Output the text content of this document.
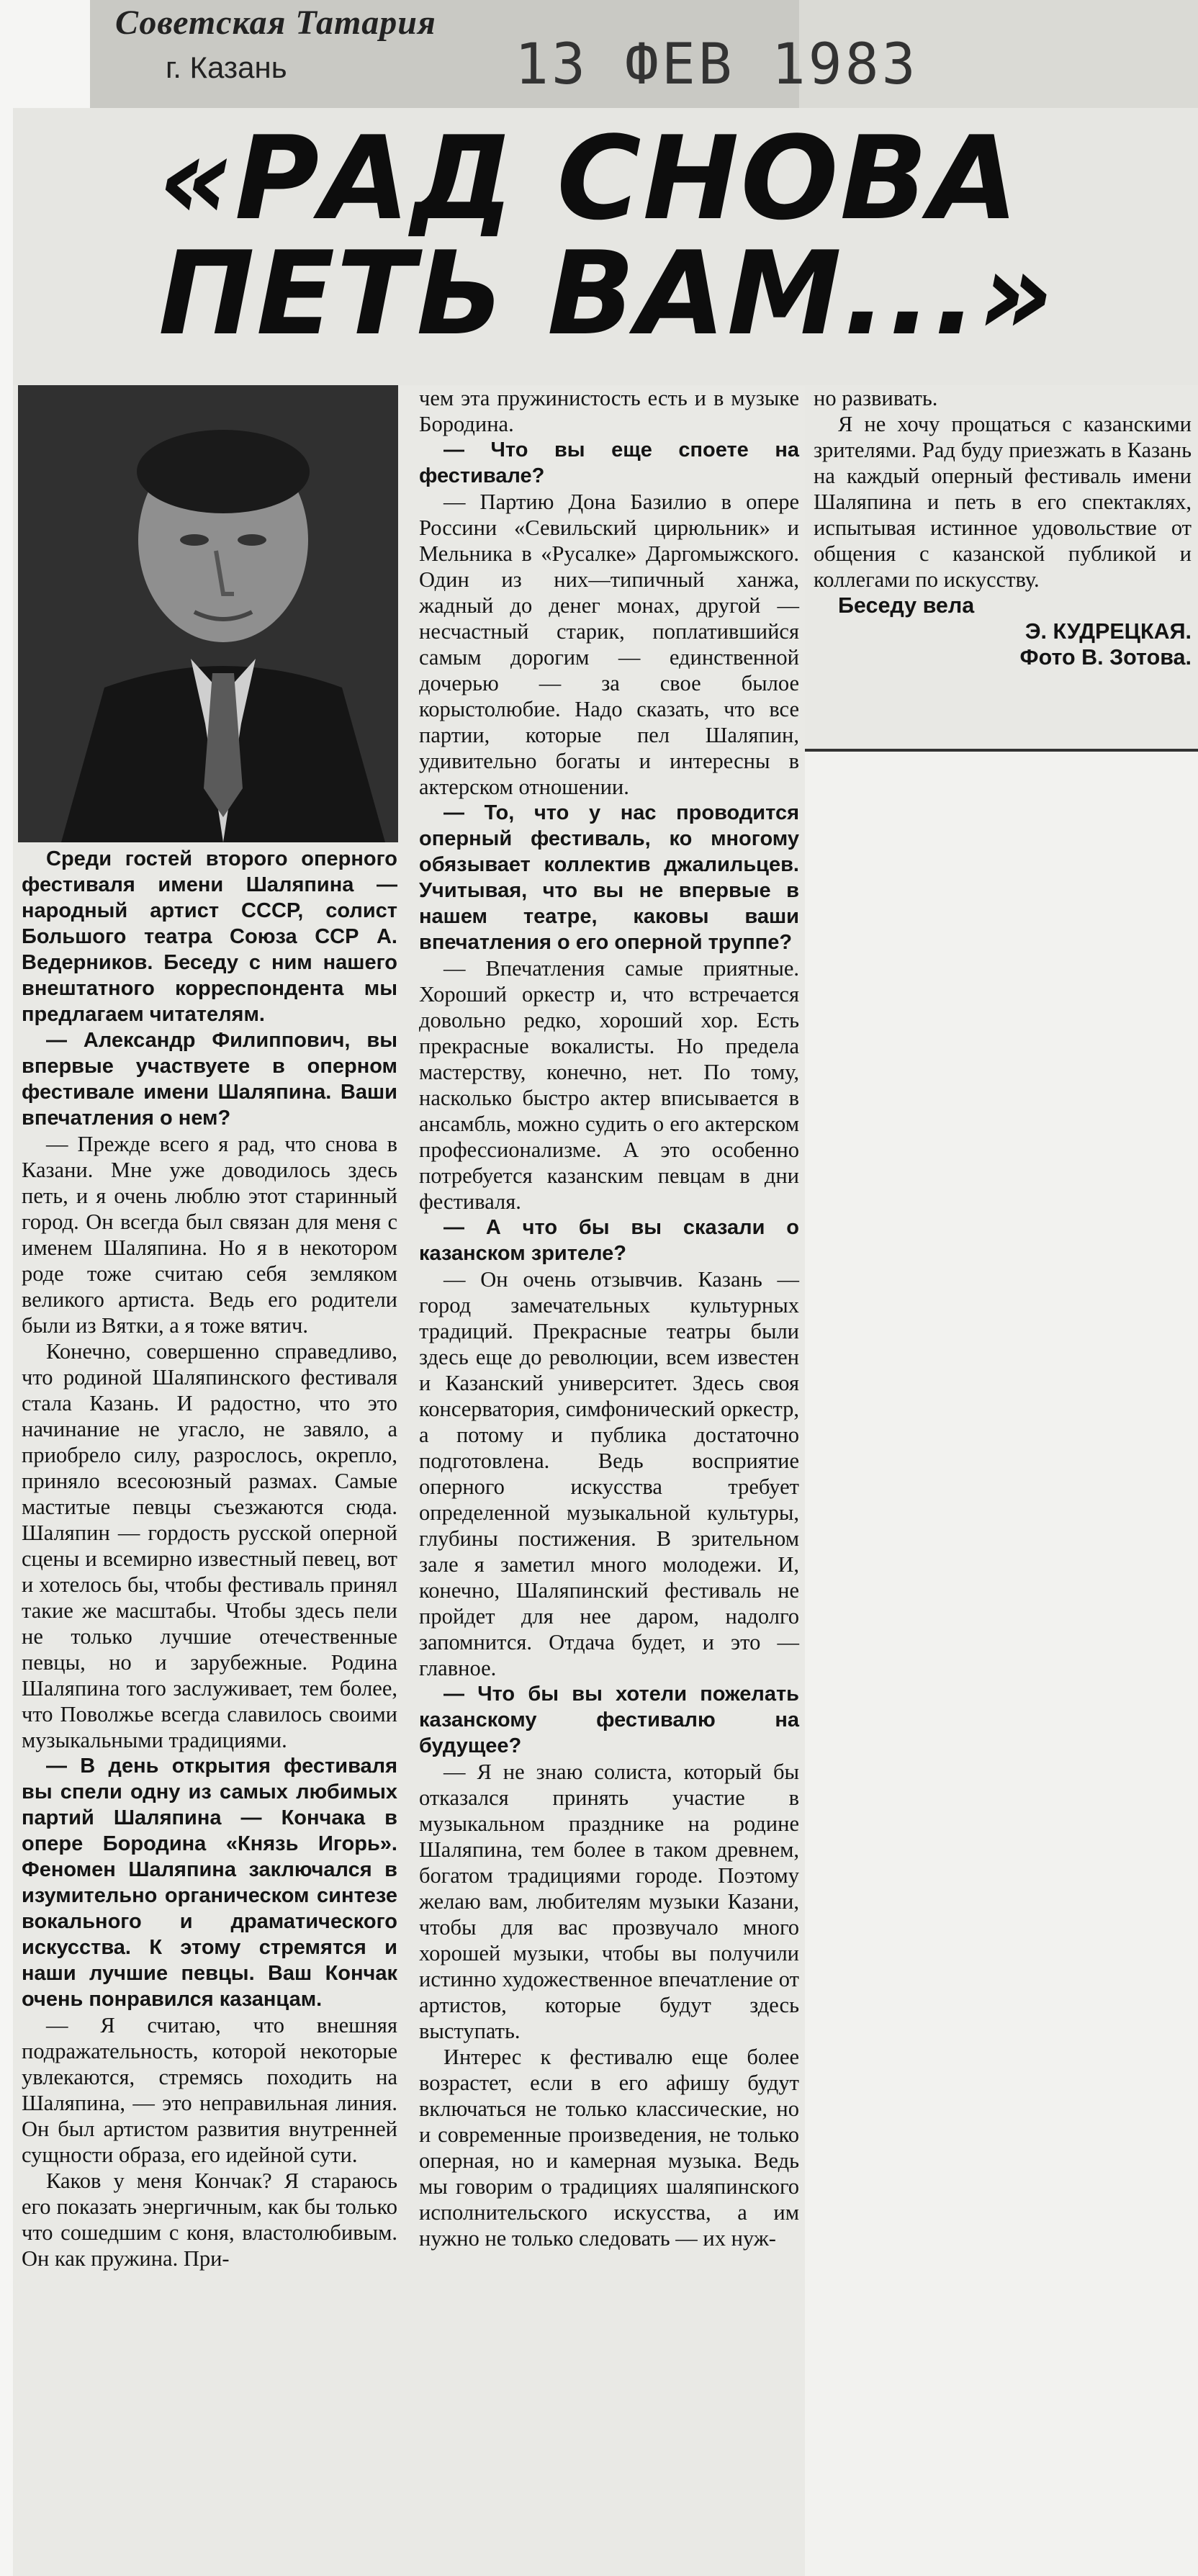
Советская Татария
г. Казань	13 ФЕВ 1983
«РАД СНОВА ПЕТЬ ВАМ...»

Среди гостей второго оперного фестиваля имени Шаляпина — народный артист СССР, солист Большого театра Союза ССР А. Ведерников. Беседу с ним нашего внештатного корреспондента мы предлагаем читателям.

— Александр Филиппович, вы впервые участвуете в оперном фестивале имени Шаляпина. Ваши впечатления о нем?

— Прежде всего я рад, что снова в Казани. Мне уже доводилось здесь петь, и я очень люблю этот старинный город. Он всегда был связан для меня с именем Шаляпина. Но я в некотором роде тоже считаю себя земляком великого артиста. Ведь его родители были из Вятки, а я тоже вятич.

Конечно, совершенно справедливо, что родиной Шаляпинского фестиваля стала Казань. И радостно, что это начинание не угасло, не завяло, а приобрело силу, разрослось, окрепло, приняло всесоюзный размах. Самые маститые певцы съезжаются сюда. Шаляпин — гордость русской оперной сцены и всемирно известный певец, вот и хотелось бы, чтобы фестиваль принял такие же масштабы. Чтобы здесь пели не только лучшие отечественные певцы, но и зарубежные. Родина Шаляпина того заслуживает, тем более, что Поволжье всегда славилось своими музыкальными традициями.

— В день открытия фестиваля вы спели одну из самых любимых партий Шаляпина — Кончака в опере Бородина «Князь Игорь». Феномен Шаляпина заключался в изумительно органическом синтезе вокального и драматического искусства. К этому стремятся и наши лучшие певцы. Ваш Кончак очень понравился казанцам.

— Я считаю, что внешняя подражательность, которой некоторые увлекаются, стремясь походить на Шаляпина, — это неправильная линия. Он был артистом развития внутренней сущности образа, его идейной сути.

Каков у меня Кончак? Я стараюсь его показать энергичным, как бы только что сошедшим с коня, властолюбивым. Он как пружина. При-

чем эта пружинистость есть и в музыке Бородина.

— Что вы еще споете на фестивале?

— Партию Дона Базилио в опере Россини «Севильский цирюльник» и Мельника в «Русалке» Даргомыжского. Один из них—типичный ханжа, жадный до денег монах, другой — несчастный старик, поплатившийся самым дорогим — единственной дочерью — за свое былое корыстолюбие. Надо сказать, что все партии, которые пел Шаляпин, удивительно богаты и интересны в актерском отношении.

— То, что у нас проводится оперный фестиваль, ко многому обязывает коллектив джалильцев. Учитывая, что вы не впервые в нашем театре, каковы ваши впечатления о его оперной труппе?

— Впечатления самые приятные. Хороший оркестр и, что встречается довольно редко, хороший хор. Есть прекрасные вокалисты. Но предела мастерству, конечно, нет. По тому, насколько быстро актер вписывается в ансамбль, можно судить о его актерском профессионализме. А это особенно потребуется казанским певцам в дни фестиваля.

— А что бы вы сказали о казанском зрителе?

— Он очень отзывчив. Казань — город замечательных культурных традиций. Прекрасные театры были здесь еще до революции, всем известен и Казанский университет. Здесь своя консерватория, симфонический оркестр, а потому и публика достаточно подготовлена. Ведь восприятие оперного искусства требует определенной музыкальной культуры, глубины постижения. В зрительном зале я заметил много молодежи. И, конечно, Шаляпинский фестиваль не пройдет для нее даром, надолго запомнится. Отдача будет, и это — главное.

— Что бы вы хотели пожелать казанскому фестивалю на будущее?

— Я не знаю солиста, который бы отказался принять участие в музыкальном празднике на родине Шаляпина, тем более в таком древнем, богатом традициями городе. Поэтому желаю вам, любителям музыки Казани, чтобы для вас прозвучало много хорошей музыки, чтобы вы получили истинно художественное впечатление от артистов, которые будут здесь выступать.

Интерес к фестивалю еще более возрастет, если в его афишу будут включаться не только классические, но и современные произведения, не только оперная, но и камерная музыка. Ведь мы говорим о традициях шаляпинского исполнительского искусства, а им нужно не только следовать — их нуж-

но развивать.

Я не хочу прощаться с казанскими зрителями. Рад буду приезжать в Казань на каждый оперный фестиваль имени Шаляпина и петь в его спектаклях, испытывая истинное удовольствие от общения с казанской публикой и коллегами по искусству.

Беседу вела

Э. КУДРЕЦКАЯ.

Фото В. Зотова.
